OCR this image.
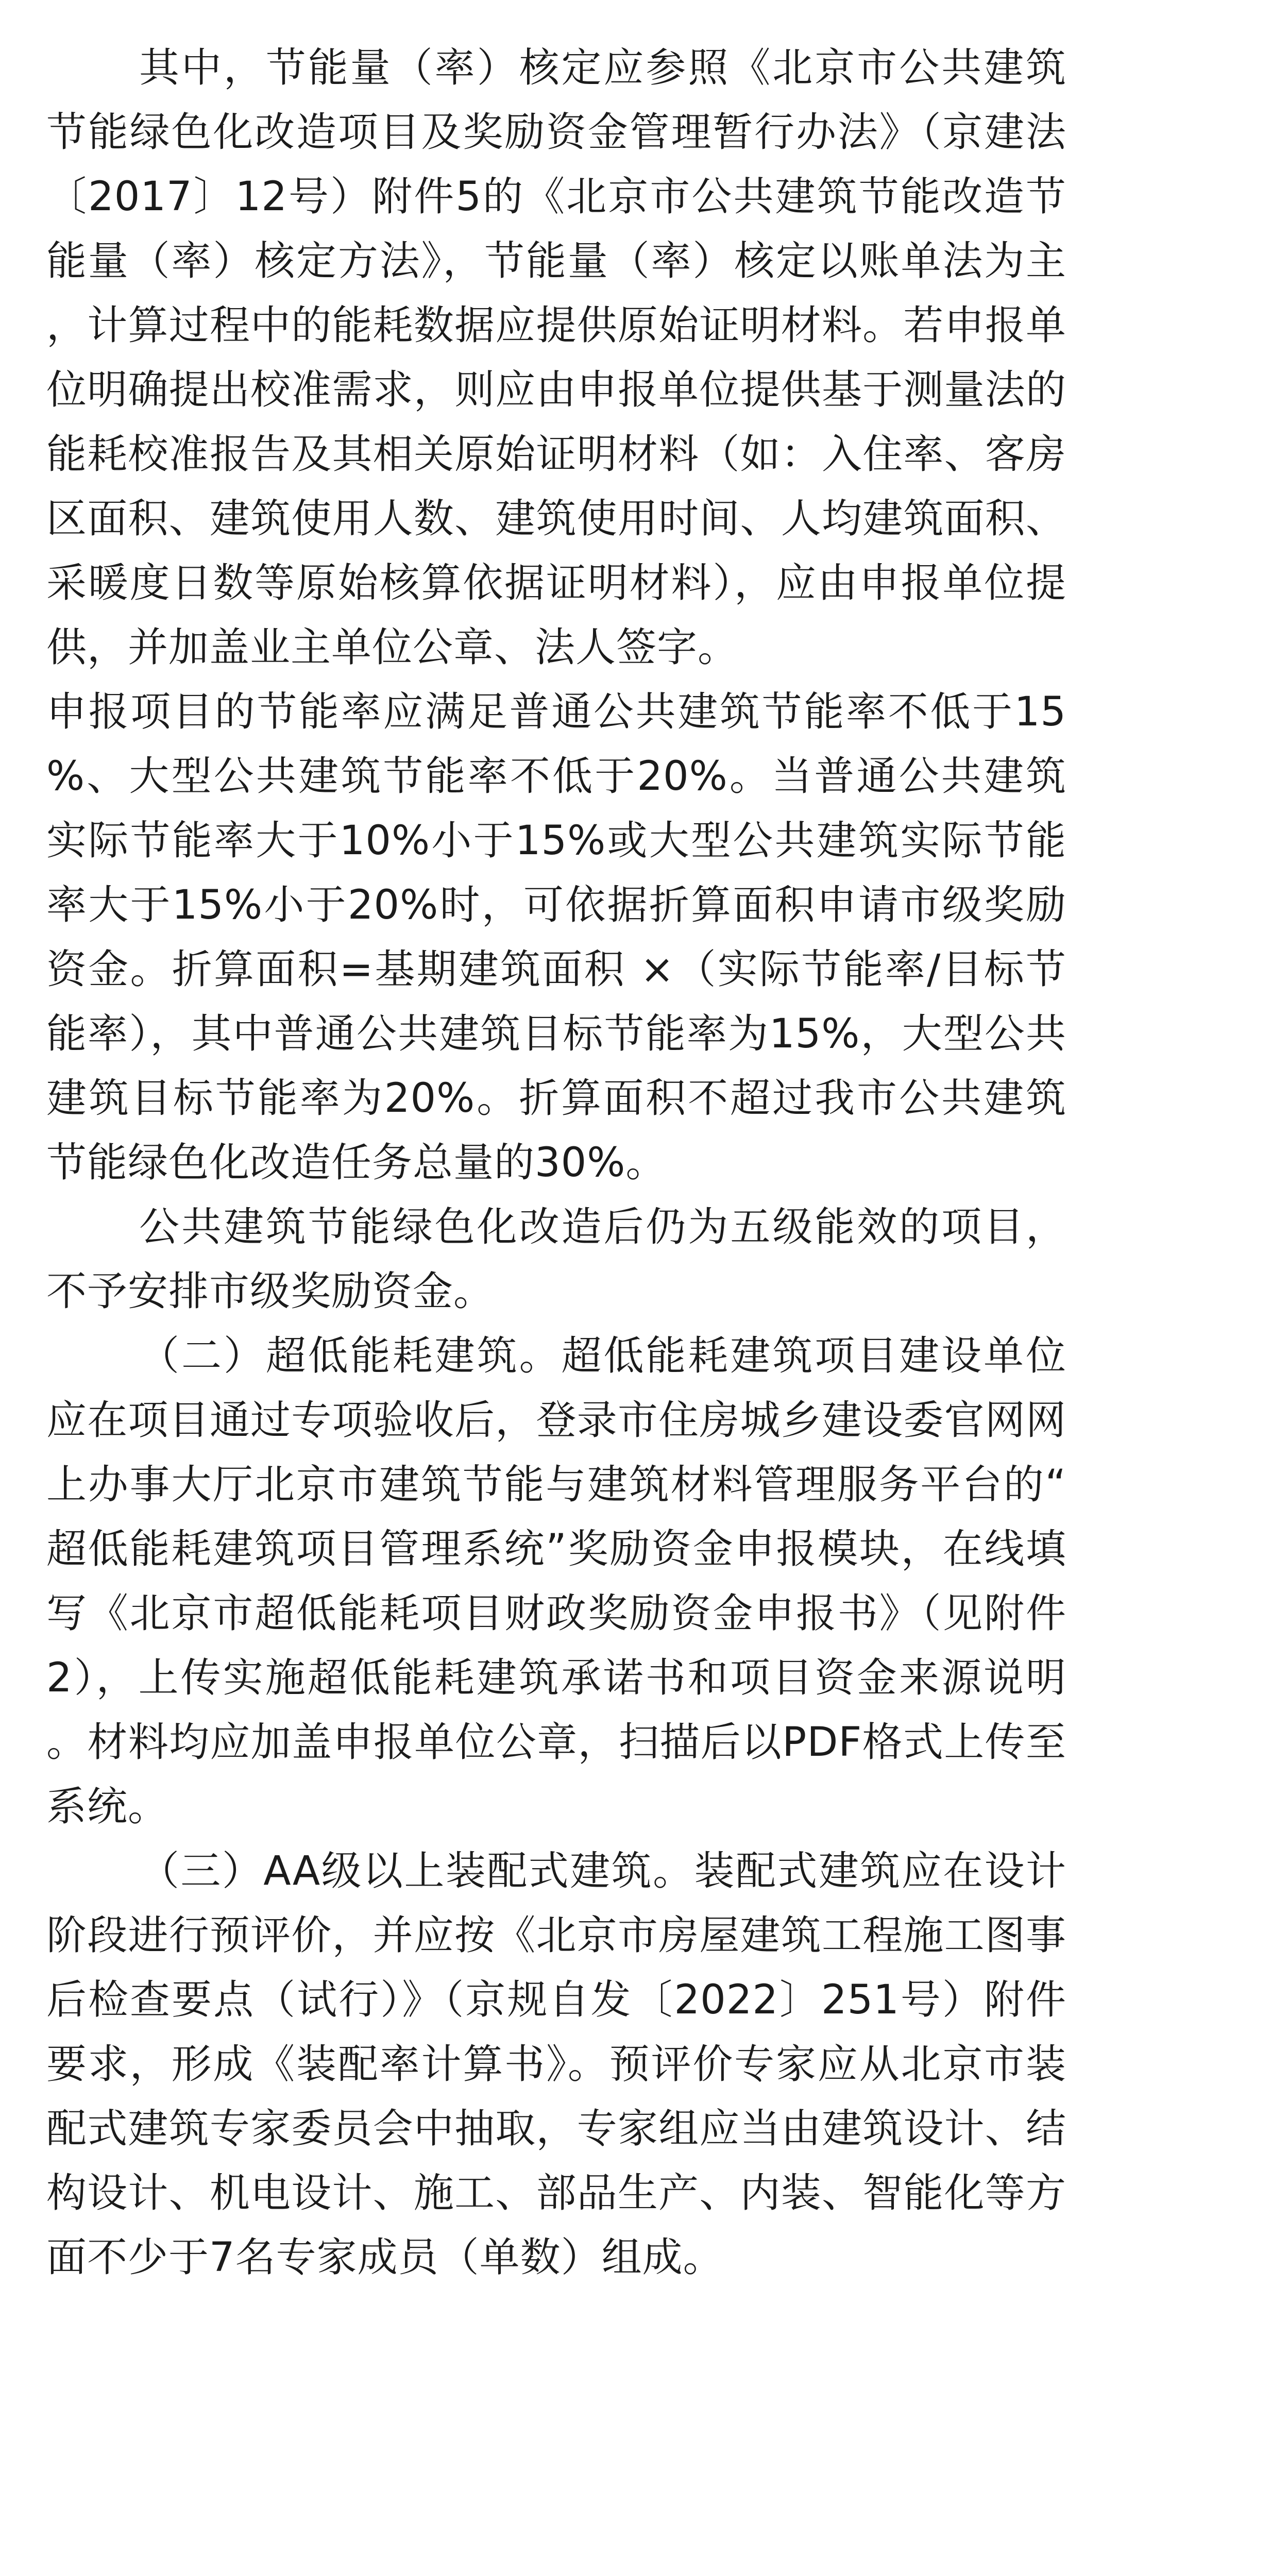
其中，节能量（率）核定应参照《北京市公共建筑节能绿色化改造项目及奖励资金管理暂行办法》（京建法〔2017〕12号）附件5的《北京市公共建筑节能改造节能量（率）核定方法》，节能量（率）核定以账单法为主，计算过程中的能耗数据应提供原始证明材料。若申报单位明确提出校准需求，则应由申报单位提供基于测量法的能耗校准报告及其相关原始证明材料（如：入住率、客房区面积、建筑使用人数、建筑使用时间、人均建筑面积、采暖度日数等原始核算依据证明材料），应由申报单位提供，并加盖业主单位公章、法人签字。

申报项目的节能率应满足普通公共建筑节能率不低于15%、大型公共建筑节能率不低于20%。当普通公共建筑实际节能率大于10%小于15%或大型公共建筑实际节能率大于15%小于20%时，可依据折算面积申请市级奖励资金。折算面积=基期建筑面积 ×（实际节能率/目标节能率），其中普通公共建筑目标节能率为15%，大型公共建筑目标节能率为20%。折算面积不超过我市公共建筑节能绿色化改造任务总量的30%。

公共建筑节能绿色化改造后仍为五级能效的项目，不予安排市级奖励资金。

（二）超低能耗建筑。超低能耗建筑项目建设单位应在项目通过专项验收后，登录市住房城乡建设委官网网上办事大厅北京市建筑节能与建筑材料管理服务平台的“超低能耗建筑项目管理系统”奖励资金申报模块，在线填写《北京市超低能耗项目财政奖励资金申报书》（见附件2），上传实施超低能耗建筑承诺书和项目资金来源说明。材料均应加盖申报单位公章，扫描后以PDF格式上传至系统。

（三）AA级以上装配式建筑。装配式建筑应在设计阶段进行预评价，并应按《北京市房屋建筑工程施工图事后检查要点（试行）》（京规自发〔2022〕251号）附件要求，形成《装配率计算书》。预评价专家应从北京市装配式建筑专家委员会中抽取，专家组应当由建筑设计、结构设计、机电设计、施工、部品生产、内装、智能化等方面不少于7名专家成员（单数）组成。
